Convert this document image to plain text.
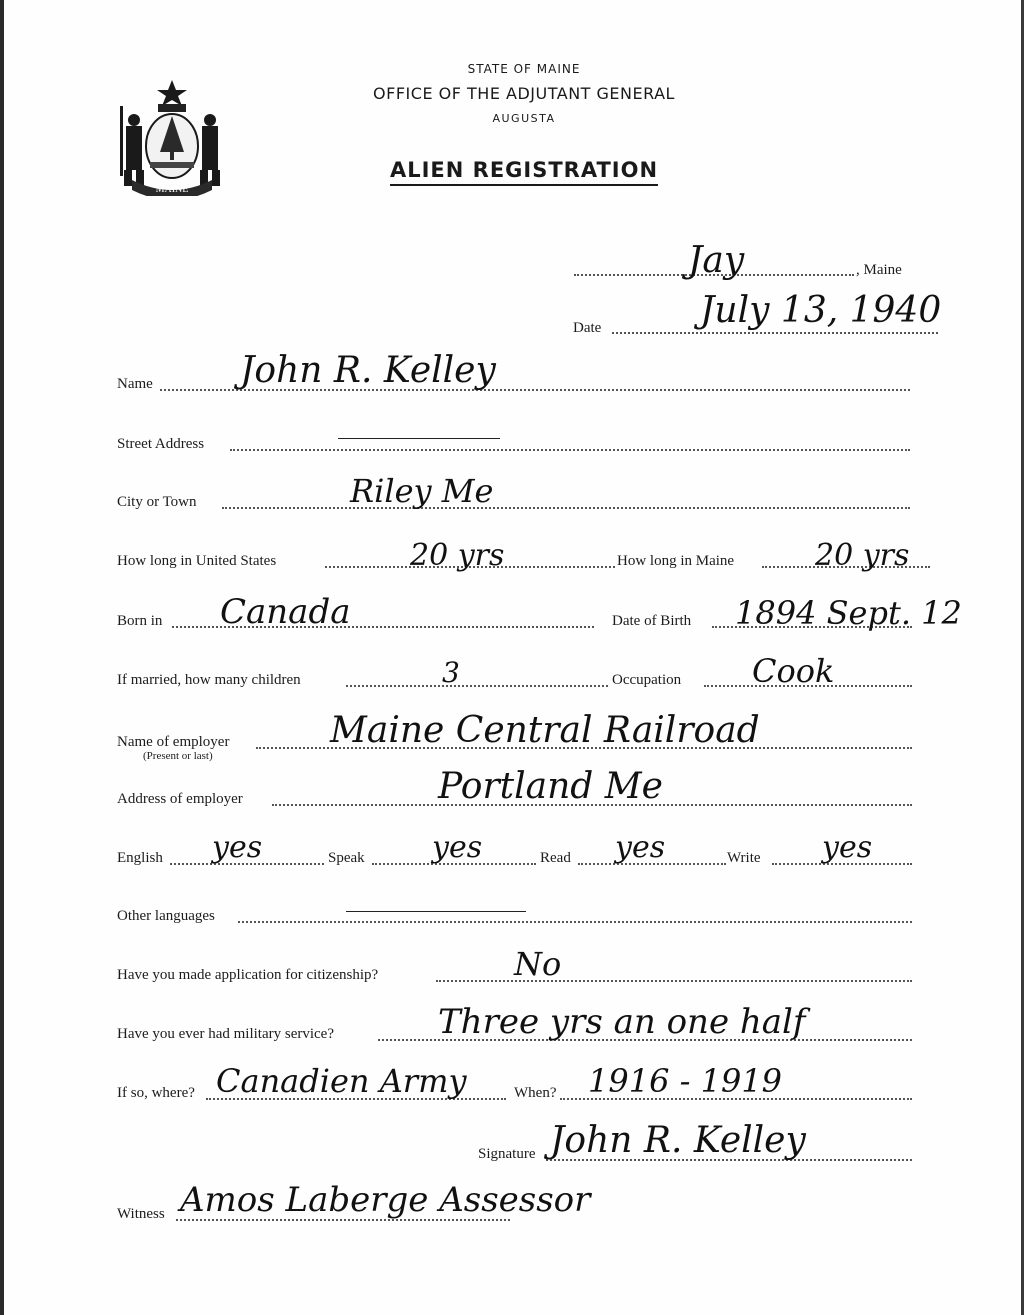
MAINE
STATE OF MAINE
OFFICE OF THE ADJUTANT GENERAL
AUGUSTA
ALIEN REGISTRATION
Jay	, Maine
Date	July 13, 1940
Name John R. Kelley
Street Address
City or Town	Riley Me
How long in United States	20 yrs	How long in Maine	20 yrs
Born in Canada	Date of Birth 1894 Sept. 12
If married, how many children	3	Occupation Cook
Name of employer
(Present or last)
Maine Central Railroad
Address of employer	Portland Me
English yes	Speak yes	Read yes	Write yes
Other languages
Have you made application for citizenship?	No
Have you ever had military service?	Three yrs an one half
If so, where? Canadien Army	When? 1916 - 1919
Signature John R. Kelley
Witness Amos Laberge Assessor
